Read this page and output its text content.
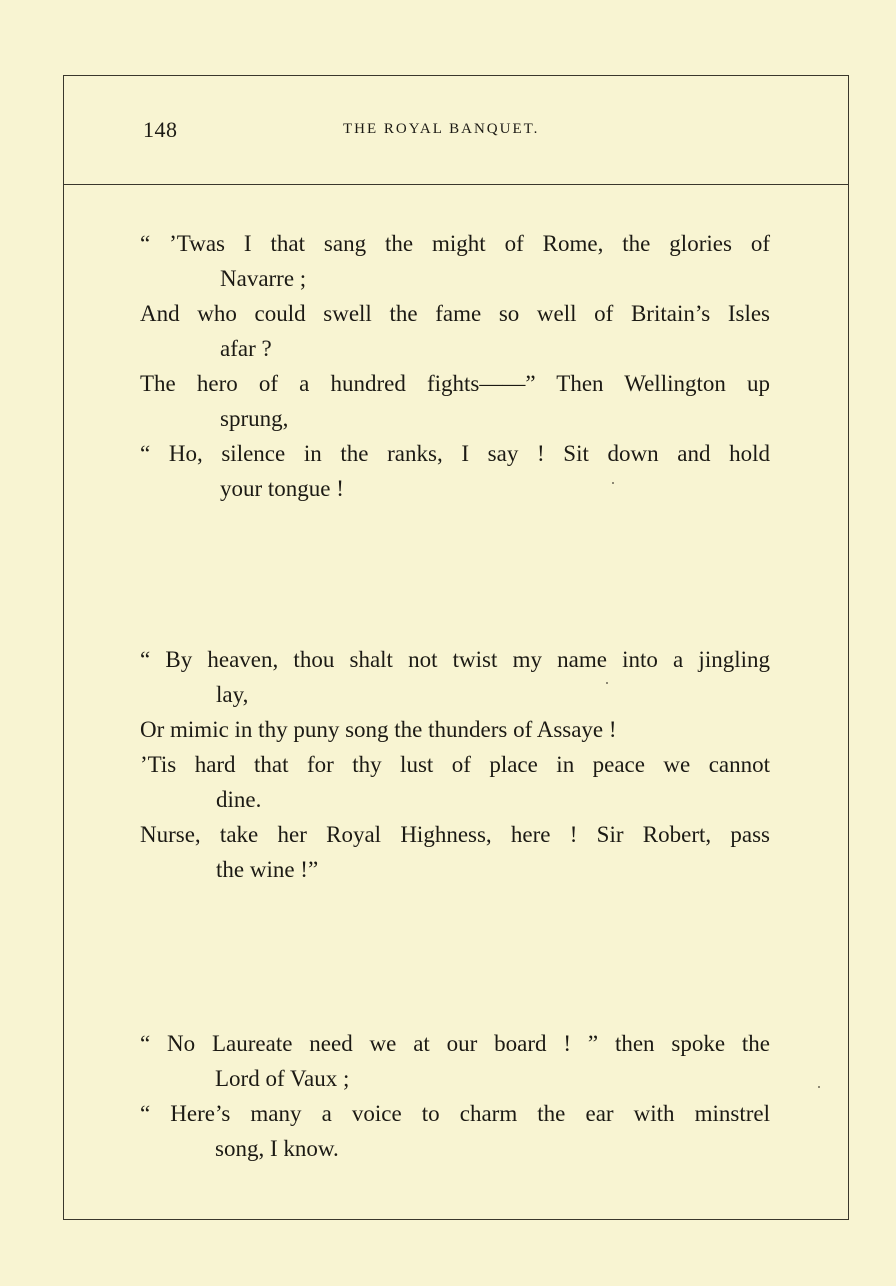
148	THE ROYAL BANQUET.
“ ’Twas I that sang the might of Rome, the glories of
Navarre ;
And who could swell the fame so well of Britain’s Isles
afar ?
The hero of a hundred fights——” Then Wellington up
sprung,
“ Ho, silence in the ranks, I say ! Sit down and hold
your tongue !
“ By heaven, thou shalt not twist my name into a jingling
lay,
Or mimic in thy puny song the thunders of Assaye !
’Tis hard that for thy lust of place in peace we cannot
dine.
Nurse, take her Royal Highness, here ! Sir Robert, pass
the wine !”
“ No Laureate need we at our board ! ” then spoke the
Lord of Vaux ;
“ Here’s many a voice to charm the ear with minstrel
song, I know.
